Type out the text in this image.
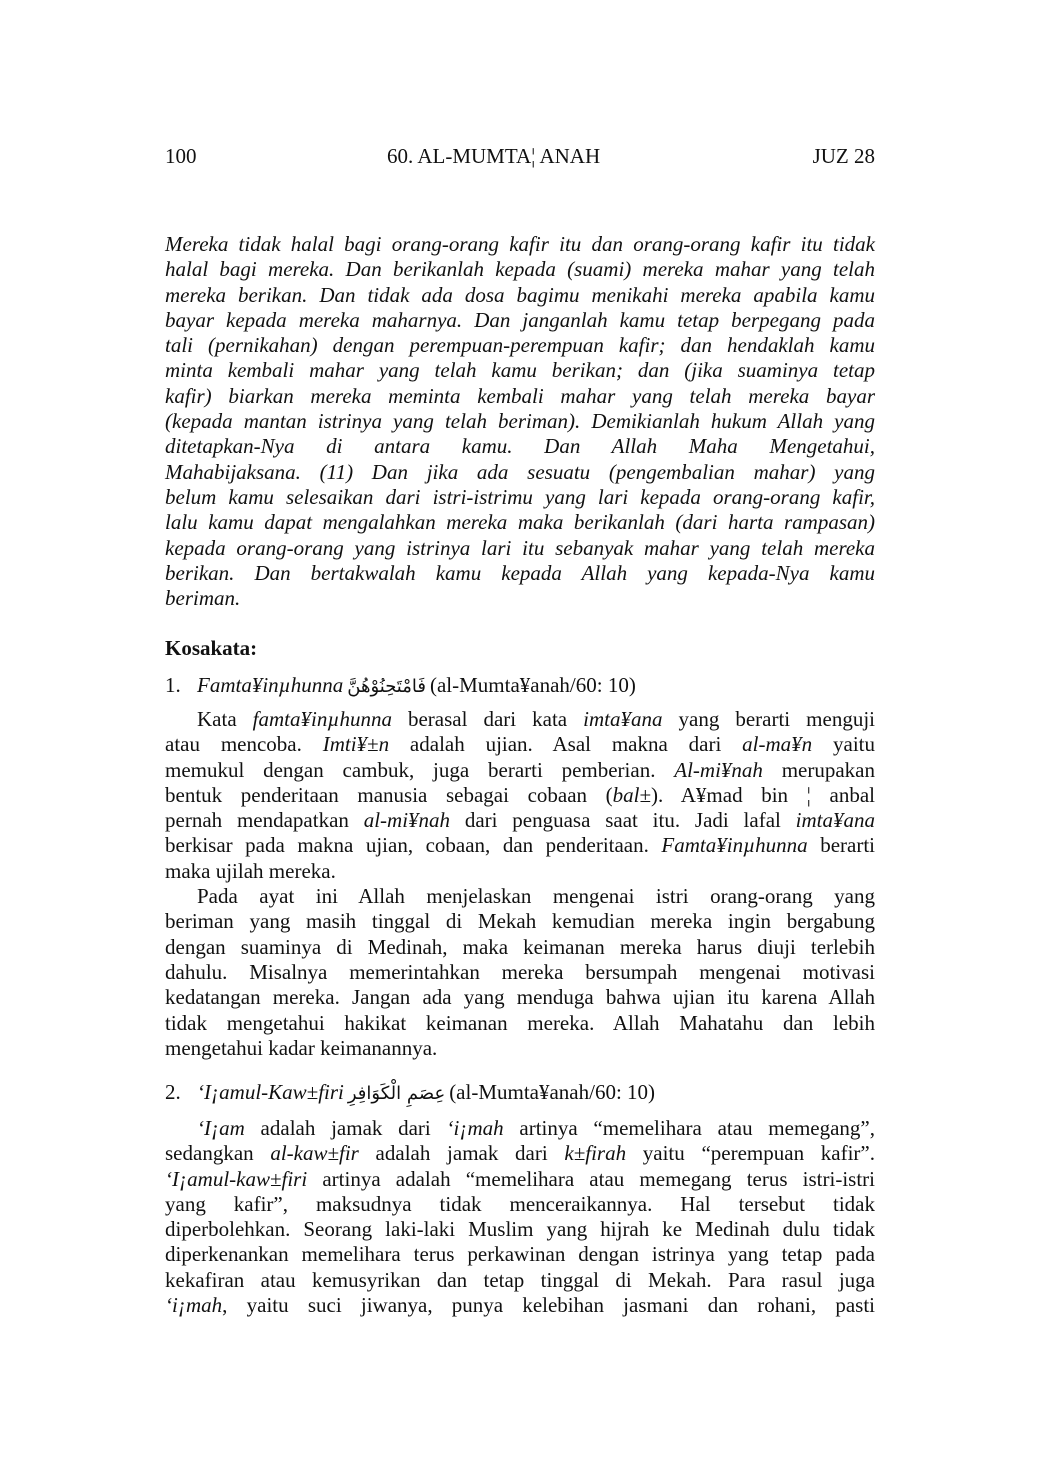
100	60. AL-MUMTA¦ ANAH	JUZ 28
Mereka tidak halal bagi orang-orang kafir itu dan orang-orang kafir itu tidak
halal bagi mereka. Dan berikanlah kepada (suami) mereka mahar yang telah
mereka berikan. Dan tidak ada dosa bagimu menikahi mereka apabila kamu
bayar kepada mereka maharnya. Dan janganlah kamu tetap berpegang pada
tali (pernikahan) dengan perempuan-perempuan kafir; dan hendaklah kamu
minta kembali mahar yang telah kamu berikan; dan (jika suaminya tetap
kafir) biarkan mereka meminta kembali mahar yang telah mereka bayar
(kepada mantan istrinya yang telah beriman). Demikianlah hukum Allah yang
ditetapkan-Nya di antara kamu. Dan Allah Maha Mengetahui,
Mahabijaksana. (11) Dan jika ada sesuatu (pengembalian mahar) yang
belum kamu selesaikan dari istri-istrimu yang lari kepada orang-orang kafir,
lalu kamu dapat mengalahkan mereka maka berikanlah (dari harta rampasan)
kepada orang-orang yang istrinya lari itu sebanyak mahar yang telah mereka
berikan. Dan bertakwalah kamu kepada Allah yang kepada-Nya kamu
beriman.
Kosakata:
1. Famta¥inµhunna فَامْتَحِنُوْهُنَّ (al-Mumta¥anah/60: 10)
Kata famta¥inµhunna berasal dari kata imta¥ana yang berarti menguji
atau mencoba. Imti¥±n adalah ujian. Asal makna dari al-ma¥n yaitu
memukul dengan cambuk, juga berarti pemberian. Al-mi¥nah merupakan
bentuk penderitaan manusia sebagai cobaan (bal±). A¥mad bin ¦ anbal
pernah mendapatkan al-mi¥nah dari penguasa saat itu. Jadi lafal imta¥ana
berkisar pada makna ujian, cobaan, dan penderitaan. Famta¥inµhunna berarti
maka ujilah mereka.
Pada ayat ini Allah menjelaskan mengenai istri orang-orang yang
beriman yang masih tinggal di Mekah kemudian mereka ingin bergabung
dengan suaminya di Medinah, maka keimanan mereka harus diuji terlebih
dahulu. Misalnya memerintahkan mereka bersumpah mengenai motivasi
kedatangan mereka. Jangan ada yang menduga bahwa ujian itu karena Allah
tidak mengetahui hakikat keimanan mereka. Allah Mahatahu dan lebih
mengetahui kadar keimanannya.
2. ‘I¡amul-Kaw±firi عِصَمِ الْكَوَافِرِ (al-Mumta¥anah/60: 10)
‘I¡am adalah jamak dari ‘i¡mah artinya “memelihara atau memegang”,
sedangkan al-kaw±fir adalah jamak dari k±firah yaitu “perempuan kafir”.
‘I¡amul-kaw±firi artinya adalah “memelihara atau memegang terus istri-istri
yang kafir”, maksudnya tidak menceraikannya. Hal tersebut tidak
diperbolehkan. Seorang laki-laki Muslim yang hijrah ke Medinah dulu tidak
diperkenankan memelihara terus perkawinan dengan istrinya yang tetap pada
kekafiran atau kemusyrikan dan tetap tinggal di Mekah. Para rasul juga
‘i¡mah, yaitu suci jiwanya, punya kelebihan jasmani dan rohani, pasti
